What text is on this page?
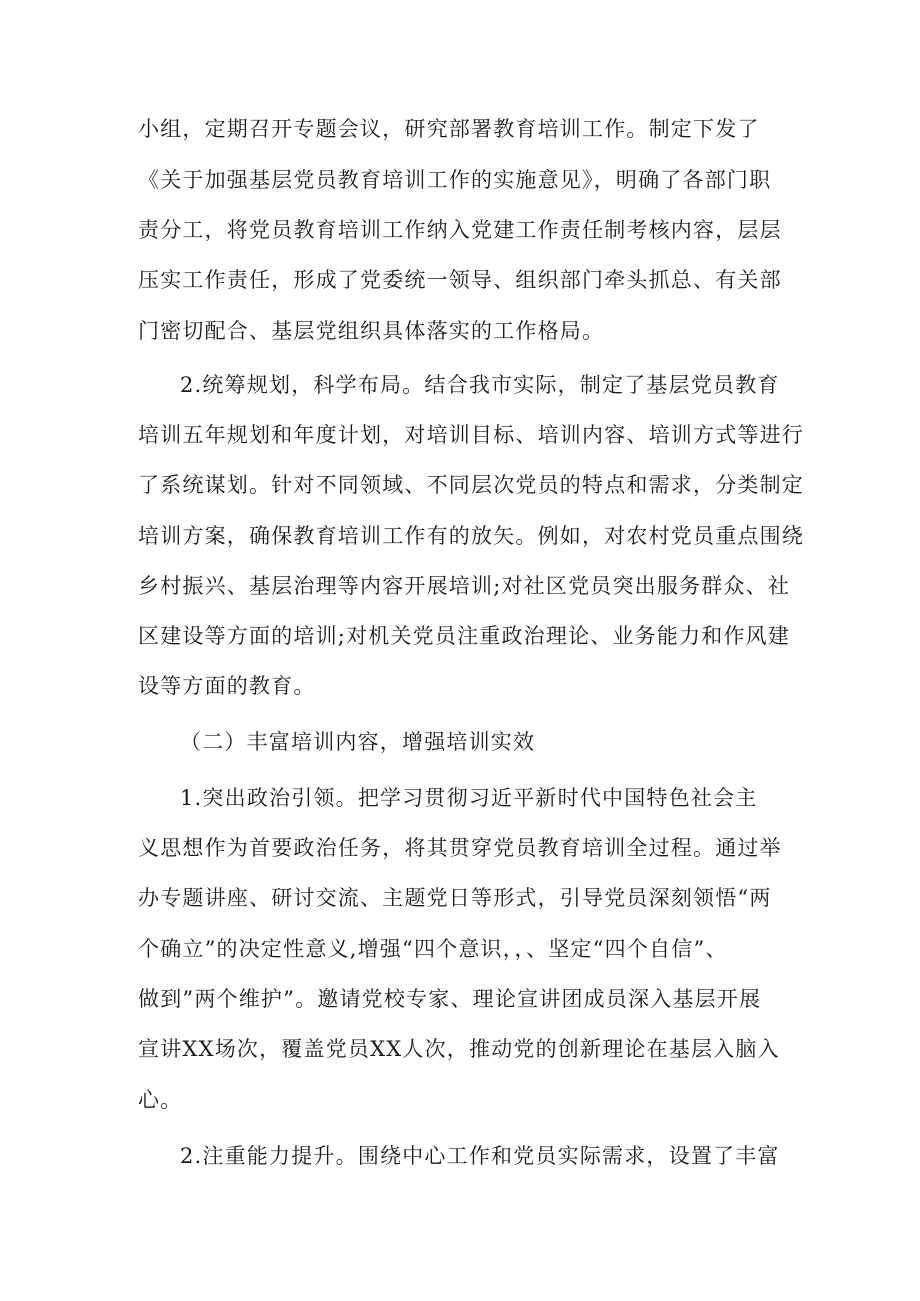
小组，定期召开专题会议，研究部署教育培训工作。制定下发了
《关于加强基层党员教育培训工作的实施意见》，明确了各部门职
责分工，将党员教育培训工作纳入党建工作责任制考核内容，层层
压实工作责任，形成了党委统一领导、组织部门牵头抓总、有关部
门密切配合、基层党组织具体落实的工作格局。
2.统筹规划，科学布局。结合我市实际，制定了基层党员教育
培训五年规划和年度计划，对培训目标、培训内容、培训方式等进行
了系统谋划。针对不同领域、不同层次党员的特点和需求，分类制定
培训方案，确保教育培训工作有的放矢。例如，对农村党员重点围绕
乡村振兴、基层治理等内容开展培训;对社区党员突出服务群众、社
区建设等方面的培训;对机关党员注重政治理论、业务能力和作风建
设等方面的教育。
（二）丰富培训内容，增强培训实效
1.突出政治引领。把学习贯彻习近平新时代中国特色社会主
义思想作为首要政治任务，将其贯穿党员教育培训全过程。通过举
办专题讲座、研讨交流、主题党日等形式，引导党员深刻领悟“两
个确立”的决定性意义,增强“四个意识，，、坚定“四个自信”、
做到”两个维护”。邀请党校专家、理论宣讲团成员深入基层开展
宣讲XX场次，覆盖党员XX人次，推动党的创新理论在基层入脑入
心。
2.注重能力提升。围绕中心工作和党员实际需求，设置了丰富
